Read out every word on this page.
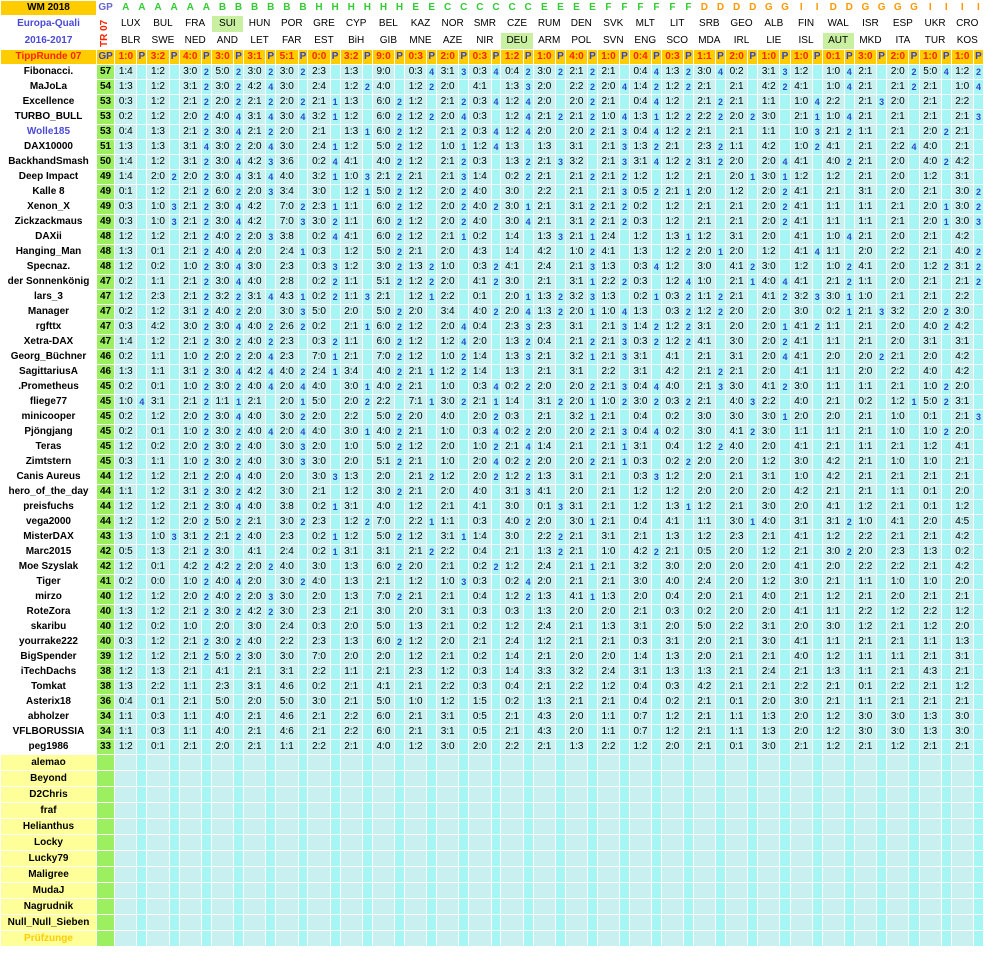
WM 2018	GP	A	A	A	A	A	A	B	B	B	B	B	B	H	H	H	H	H	H	E	E	C	C	C	C	C	C	E	E	E	E	F	F	F	F	F	F	D	D	D	D	G	G	I	I	D	D	G	G	G	G	I	I	I	I
Europa-Quali	TR 07	LUX		BUL		FRA		SUI		HUN		POR		GRE		CYP		BEL		KAZ		NOR		SMR		CZE		RUM		DEN		SVK		MLT		LIT		SRB		GEO		ALB		FIN		WAL		ISR		ESP		UKR		CRO	
2016-2017		BLR		SWE		NED		AND		LET		FAR		EST		BiH		GIB		MNE		AZE		NIR		DEU		ARM		POL		SVN		ENG		SCO		MDA		IRL		LIE		ISL		AUT		MKD		ITA		TUR		KOS	
TippRunde 07	GP	1:0	P	3:2	P	4:0	P	3:0	P	3:1	P	5:1	P	0:0	P	3:2	P	9:0	P	0:3	P	2:0	P	0:3	P	1:2	P	1:0	P	4:0	P	1:0	P	0:4	P	0:3	P	1:1	P	2:0	P	1:0	P	1:0	P	0:1	P	3:0	P	2:0	P	1:0	P	1:0	P
Fibonacci.	57	1:4		1:2		3:0	2	5:0	2	3:0	2	3:0	2	2:3		1:3		9:0		0:3	4	3:1	3	0:3	4	0:4	2	3:0	2	2:1	2	2:1		0:4	4	1:3	2	3:0	4	0:2		3:1	3	1:2		1:0	4	2:1		2:0	2	5:0	4	1:2	2
MaJoLa	54	1:3		1:2		3:1	2	3:0	2	4:2	4	3:0		2:4		1:2	2	4:0		1:2	2	2:0		4:1		1:3	3	2:0		2:2	2	2:0	4	1:4	2	1:2	2	2:1		2:1		4:2	2	4:1		1:0	4	2:1		2:1	2	2:1		1:0	4
Excellence	53	0:3		1:2		2:1	2	2:0	2	2:1	2	2:0	2	2:1	1	1:3		6:0	2	1:2		2:1	2	0:3	4	1:2	4	2:0		2:0	2	2:1		0:4	4	1:2		2:1	2	2:1		1:1		1:0	4	2:2		2:1	3	2:0		2:1		2:2	
TURBO_BULL	53	0:2		1:2		2:0	2	4:0	4	3:1	4	3:0	4	3:2	1	1:2		6:0	2	1:2	2	2:0	4	0:3		1:2	4	2:1	2	2:1	2	1:0	4	1:3	1	1:2	2	2:2	2	2:0	2	3:0		2:1	1	1:0	4	2:1		2:1		2:1		2:1	3
Wolle185	53	0:4		1:3		2:1	2	3:0	4	2:1	2	2:0		2:1		1:3	1	6:0	2	1:2		2:1	2	0:3	4	1:2	4	2:0		2:0	2	2:1	3	0:4	4	1:2	2	2:1		2:1		1:1		1:0	3	2:1	2	1:1		2:1		2:0	2	2:1	
DAX10000	51	1:3		1:3		3:1	4	3:0	2	2:0	4	3:0		2:4	1	1:2		5:0	2	1:2		1:0	1	1:2	4	1:3		1:3		3:1		2:1	3	1:3	2	2:1		2:3	2	1:1		4:2		1:0	2	4:1		2:1		2:2	4	4:0		2:1	
BackhandSmash	50	1:4		1:2		3:1	2	3:0	4	4:2	3	3:6		0:2	4	4:1		4:0	2	1:2		2:1	2	0:3		1:3	2	2:1	3	3:2		2:1	3	3:1	4	1:2	2	3:1	2	2:0		2:0	4	4:1		4:0	2	2:1		2:0		4:0	2	4:2	
Deep Impact	49	1:4		2:0	2	2:0	2	3:0	4	3:1	4	4:0		3:2	1	1:0	3	2:1	2	2:1		2:1	3	1:4		0:2	2	2:1		2:1	2	2:1	2	1:2		1:2		2:1		2:0	1	3:0	1	1:2		1:2		2:1		2:0		1:2		3:1	
Kalle 8	49	0:1		1:2		2:1	2	6:0	2	2:0	3	3:4		3:0		1:2	1	5:0	2	1:2		2:0	2	4:0		3:0		2:2		2:1		2:1	3	0:5	2	2:1	1	2:0		1:2		2:0	2	4:1		2:1		3:1		2:0		2:1		3:0	2
Xenon_X	49	0:3		1:0	3	2:1	2	3:0	4	4:2		7:0	2	2:3	1	1:1		6:0	2	1:2		2:0	2	4:0	2	3:0	1	2:1		3:1	2	2:1	2	0:2		1:2		2:1		2:1		2:0	2	4:1		1:1		1:1		2:1		2:0	1	3:0	2
Zickzackmaus	49	0:3		1:0	3	2:1	2	3:0	4	4:2		7:0	3	3:0	2	1:1		6:0	2	1:2		2:0	2	4:0		3:0	4	2:1		3:1	2	2:1	2	0:3		1:2		2:1		2:1		2:0	2	4:1		1:1		1:1		2:1		2:0	1	3:0	3
DAXii	48	1:2		1:2		2:1	2	4:0	2	2:0	3	3:8		0:2	4	4:1		6:0	2	1:2		2:1	1	0:2		1:4		1:3	3	2:1	1	2:4		1:2		1:3	1	1:2		3:1		2:0		4:1		1:0	4	2:1		2:0		2:1		4:2	
Hanging_Man	48	1:3		0:1		2:1	2	4:0	4	2:0		2:4	1	0:3		1:2		5:0	2	2:1		2:0		4:3		1:4		4:2		1:0	2	4:1		1:3		1:2	2	2:0	1	2:0		1:2		4:1	4	1:1		2:0		2:2		2:1		4:0	2
Specnaz.	48	1:2		0:2		1:0	2	3:0	4	3:0		2:3		0:3	3	1:2		3:0	2	1:3	2	1:0		0:3	2	4:1		2:4		2:1	3	1:3		0:3	4	1:2		3:0		4:1	2	3:0		1:2		1:0	2	4:1		2:0		1:2	2	3:1	2
der Sonnenkönig	47	0:2		1:1		2:1	2	3:0	4	4:0		2:8		0:2	2	1:1		5:1	2	1:2	2	2:0		4:1	2	3:0		2:1		3:1	1	2:2	2	0:3		1:2	4	1:0		2:1	1	4:0	4	4:1		2:1	2	1:1		2:0		2:1		2:1	2
lars_3	47	1:2		2:3		2:1	2	3:2	2	3:1	4	4:3	1	0:2	2	1:1	3	2:1		1:2	1	2:2		0:1		2:0	1	1:3	2	3:2	3	1:3		0:2	1	0:3	2	1:1	2	2:1		4:1	2	3:2	3	3:0	1	1:0		2:1		2:1		2:2	
Manager	47	0:2		1:2		3:1	2	4:0	2	2:0		3:0	3	5:0		2:0		5:0	2	2:0		3:4		4:0	2	2:0	4	1:3	2	2:0	1	1:0	4	1:3		0:3	2	1:2	2	2:0		2:0		3:0		0:2	1	2:1	3	3:2		2:0	2	3:0	
rgfttx	47	0:3		4:2		3:0	2	3:0	4	4:0	2	2:6	2	0:2		2:1	1	6:0	2	1:2		2:0	4	0:4		2:3	3	2:3		3:1		2:1	3	1:4	2	1:2	2	3:1		2:0		2:0	1	4:1	2	1:1		2:1		2:0		4:0	2	4:2	
Xetra-DAX	47	1:4		1:2		2:1	2	3:0	2	4:0	2	2:3		0:3	2	1:1		6:0	2	1:2		1:2	4	2:0		1:3	2	0:4		2:1	2	2:1	3	0:3	2	1:2	2	4:1		3:0		2:0	2	4:1		1:1		2:1		2:0		3:1		3:1	
Georg_Büchner	46	0:2		1:1		1:0	2	2:0	2	2:0	4	2:3		7:0	1	2:1		7:0	2	1:2		1:0	2	1:4		1:3	3	2:1		3:2	1	2:1	3	3:1		4:1		2:1		3:1		2:0	4	4:1		2:0		2:0	2	2:1		2:0		4:2	
SagittariusA	46	1:3		1:1		3:1	2	3:0	4	4:2	4	4:0	2	2:4	1	3:4		4:0	2	2:1	1	1:2	2	1:4		1:3		2:1		3:1		2:2		3:1		4:2		2:1	2	2:1		2:0		4:1		1:1		2:0		2:2		4:0		4:2	
.Prometheus	45	0:2		0:1		1:0	2	3:0	2	4:0	4	2:0	4	4:0		3:0	1	4:0	2	2:1		1:0		0:3	4	0:2	2	2:0		2:0	2	2:1	3	0:4	4	4:0		2:1	3	3:0		4:1	2	3:0		1:1		1:1		2:1		1:0	2	2:0	
fliege77	45	1:0	4	3:1		2:1	2	1:1	1	2:1		2:0	1	5:0		2:0	2	2:2		7:1	1	3:0	2	2:1	1	1:4		3:1	2	2:0	1	1:0	2	3:0	2	0:3	2	2:1		4:0	3	2:2		4:0		2:1		0:2		1:2	1	5:0	2	3:1	
minicooper	45	0:2		1:2		2:0	2	3:0	4	4:0		3:0	2	2:0		2:2		5:0	2	2:0		4:0		2:0	2	0:3		2:1		3:2	1	2:1		0:4		0:2		3:0		3:0		3:0	1	2:0		2:0		2:1		1:0		0:1		2:1	3
Pjöngjang	45	0:2		0:1		1:0	2	3:0	2	4:0	4	2:0	4	4:0		3:0	1	4:0	2	2:1		1:0		0:3	4	0:2	2	2:0		2:0	2	2:1	3	0:4	4	0:2		3:0		4:1	2	3:0		1:1		1:1		2:1		1:0		1:0	2	2:0	
Teras	45	1:2		0:2		2:0	2	3:0	2	4:0		3:0	3	2:0		1:0		5:0	2	1:2		2:0		1:0	2	2:1	4	1:4		2:1		2:1	1	3:1		0:4		1:2	2	4:0		2:0		4:1		2:1		1:1		2:1		1:2		4:1	
Zimtstern	45	0:3		1:1		1:0	2	3:0	2	4:0		3:0	3	3:0		2:0		5:1	2	2:1		1:0		2:0	4	0:2	2	2:0		2:0	2	2:1	1	0:3		0:2	2	2:0		2:0		1:2		3:0		4:2		2:1		1:0		1:0		2:1	
Canis Aureus	44	1:2		1:2		2:1	2	2:0	4	4:0		2:0		3:0	3	1:3		2:0		2:1	2	1:2		2:0	2	1:2	2	1:3		3:1		2:1		0:3	3	1:2		2:0		2:1		3:1		1:0		4:2		2:1		2:1		2:1		2:1	
hero_of_the_day	44	1:1		1:2		3:1	2	3:0	2	4:2		3:0		2:1		1:2		3:0	2	2:1		2:0		4:0		3:1	3	4:1		2:0		2:1		1:2		1:2		2:0		2:0		2:0		4:2		2:1		2:1		1:1		0:1		2:0	
preisfuchs	44	1:2		1:2		2:1	2	3:0	4	4:0		3:8		0:2	1	3:1		4:0		1:2		2:1		4:1		3:0		0:1	3	3:1		2:1		1:2		1:3	1	1:2		2:1		3:0		2:0		4:1		1:2		2:1		0:1		1:2	
vega2000	44	1:2		1:2		2:0	2	5:0	2	2:1		3:0	2	2:3		1:2	2	7:0		2:2	1	1:1		0:3		4:0	2	2:0		3:0	1	2:1		0:4		4:1		1:1		3:0	1	4:0		3:1		3:1	2	1:0		4:1		2:0		4:5	
MisterDAX	43	1:3		1:0	3	3:1	2	2:1	2	4:0		2:3		0:2	1	1:2		5:0	2	1:2		3:1	1	1:4		3:0		2:2	2	2:1		3:1		2:1		1:3		1:2		2:3		2:1		4:1		1:2		2:2		2:1		2:1		4:2	
Marc2015	42	0:5		1:3		2:1	2	3:0		4:1		2:4		0:2	1	3:1		3:1		2:1	2	2:2		0:4		2:1		1:3	2	2:1		1:0		4:2	2	2:1		0:5		2:0		1:2		2:1		3:0	2	2:0		2:3		1:3		0:2	
Moe Szyslak	42	1:2		0:1		4:2	2	4:2	2	2:0	2	4:0		3:0		1:3		6:0	2	2:0		2:1		0:2	2	1:2		2:4		2:1	1	2:1		3:2		3:0		2:0		2:0		2:0		4:1		2:0		2:2		2:2		2:1		4:2	
Tiger	41	0:2		0:0		1:0	2	4:0	4	2:0		3:0	2	4:0		1:3		2:1		1:2		1:0	3	0:3		0:2	4	2:0		2:1		2:1		3:0		4:0		2:4		2:0		1:2		3:0		2:1		1:1		1:0		1:0		2:0	
mirzo	40	1:2		1:2		2:0	2	4:0	2	2:0	3	3:0		2:0		1:3		7:0	2	2:1		2:1		0:4		1:2	2	1:3		4:1	1	1:3		2:0		0:4		2:0		2:1		4:0		2:1		1:2		2:1		2:0		2:1		2:1	
RoteZora	40	1:3		1:2		2:1	2	3:0	2	4:2	2	3:0		2:3		2:1		3:0		2:0		3:1		0:3		0:3		1:3		2:0		2:0		2:1		0:3		0:2		2:0		2:0		4:1		1:1		2:2		1:2		2:2		1:2	
skaribu	40	1:2		0:2		1:0		2:0		3:0		2:4		0:3		2:0		5:0		1:3		2:1		0:2		1:2		2:4		2:1		1:3		3:1		2:0		5:0		2:2		3:1		2:0		3:0		1:2		2:1		1:2		2:0	
yourrake222	40	0:3		1:2		2:1	2	3:0	2	4:0		2:2		2:3		1:3		6:0	2	1:2		2:0		2:1		2:4		1:2		2:1		2:1		0:3		3:1		2:0		2:1		3:0		4:1		1:1		2:1		2:1		1:1		1:3	
BigSpender	39	1:2		1:2		2:1	2	5:0	2	3:0		3:0		7:0		2:0		2:0		1:2		2:1		0:2		1:4		2:1		2:0		2:0		1:4		1:3		2:0		2:1		2:1		4:0		1:2		1:1		1:1		2:1		3:1	
iTechDachs	38	1:2		1:3		2:1		4:1		2:1		3:1		2:2		1:1		2:1		2:3		1:2		0:3		1:4		3:3		3:2		2:4		3:1		1:3		1:3		2:1		2:4		2:1		1:3		1:1		2:1		4:3		2:1	
Tomkat	38	1:3		2:2		1:1		2:3		3:1		4:6		0:2		2:1		4:1		2:1		2:2		0:3		0:4		2:1		2:2		1:2		0:4		0:3		4:2		2:1		2:1		2:2		2:1		0:1		2:2		2:1		1:2	
Asterix18	36	0:4		0:1		2:1		5:0		2:0		5:0		3:0		2:1		5:0		1:0		1:2		1:5		0:2		1:3		2:1		2:1		0:4		0:2		2:1		0:1		2:0		3:0		2:1		1:1		2:1		2:1		2:1	
abholzer	34	1:1		0:3		1:1		4:0		2:1		4:6		2:1		2:2		6:0		2:1		3:1		0:5		2:1		4:3		2:0		1:1		0:7		1:2		2:1		1:1		1:3		2:0		1:2		3:0		3:0		1:3		3:0	
VFLBORUSSIA	34	1:1		0:3		1:1		4:0		2:1		4:6		2:1		2:2		6:0		2:1		3:1		0:5		2:1		4:3		2:0		1:1		0:7		1:2		2:1		1:1		1:3		2:0		1:2		3:0		3:0		1:3		3:0	
peg1986	33	1:2		0:1		2:1		2:0		2:1		1:1		2:2		2:1		4:0		1:2		3:0		2:0		2:2		2:1		1:3		2:2		1:2		2:0		2:1		0:1		3:0		2:1		1:2		2:1		1:2		2:1		2:1	
alemao																																																							
Beyond																																																							
D2Chris																																																							
fraf																																																							
Helianthus																																																							
Locky																																																							
Lucky79																																																							
Maligree																																																							
MudaJ																																																							
Nagrudnik																																																							
Null_Null_Sieben																																																							
Prüfzunge																																																							
